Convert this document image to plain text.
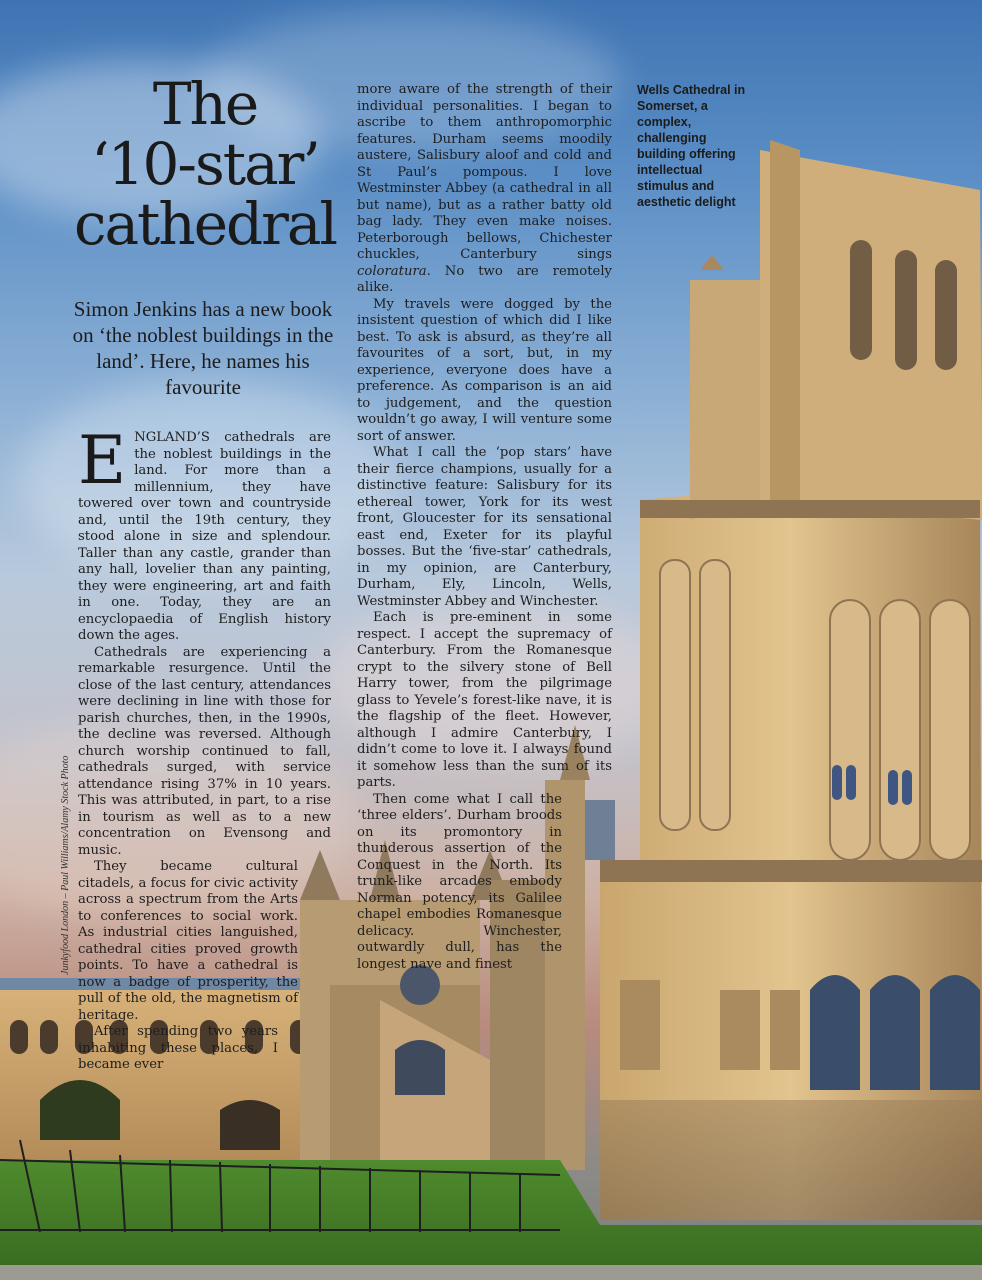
The
‘10-star’
cathedral

Simon Jenkins has a new book on ‘the noblest buildings in the land’. Here, he names his favourite

ENGLAND’S cathedrals are the noblest buildings in the land. For more than a millennium, they have towered over town and countryside and, until the 19th century, they stood alone in size and splendour. Taller than any castle, grander than any hall, lovelier than any painting, they were engineering, art and faith in one. Today, they are an encyclopaedia of English history down the ages.

Cathedrals are experiencing a remarkable resurgence. Until the close of the last century, attendances were declining in line with those for parish churches, then, in the 1990s, the decline was reversed. Although church worship continued to fall, cathedrals surged, with service attendance rising 37% in 10 years. This was attributed, in part, to a rise in tourism as well as to a new concentration on Evensong and music.

They became cultural citadels, a focus for civic activity across a spectrum from the Arts to conferences to social work. As industrial cities languished, cathedral cities proved growth points. To have a cathedral is now a badge of prosperity, the pull of the old, the magnetism of heritage.

After spending two years inhabiting these places, I became ever

more aware of the strength of their individual personalities. I began to ascribe to them anthropomorphic features. Durham seems moodily austere, Salisbury aloof and cold and St Paul’s pompous. I love Westminster Abbey (a cathedral in all but name), but as a rather batty old bag lady. They even make noises. Peterborough bellows, Chichester chuckles, Canterbury sings coloratura. No two are remotely alike.

My travels were dogged by the insistent question of which did I like best. To ask is absurd, as they’re all favourites of a sort, but, in my experience, everyone does have a preference. As comparison is an aid to judgement, and the question wouldn’t go away, I will venture some sort of answer.

What I call the ‘pop stars’ have their fierce champions, usually for a distinctive feature: Salisbury for its ethereal tower, York for its west front, Gloucester for its sensational east end, Exeter for its playful bosses. But the ‘five-star’ cathedrals, in my opinion, are Canterbury, Durham, Ely, Lincoln, Wells, Westminster Abbey and Winchester.

Each is pre-eminent in some respect. I accept the supremacy of Canterbury. From the Romanesque crypt to the silvery stone of Bell Harry tower, from the pilgrimage glass to Yevele’s forest-like nave, it is the flagship of the fleet. However, although I admire Canterbury, I didn’t come to love it. I always found it somehow less than the sum of its parts.

Then come what I call the ‘three elders’. Durham broods on its promontory in thunderous assertion of the Conquest in the North. Its trunk-like arcades embody Norman potency, its Galilee chapel embodies Romanesque delicacy. Winchester, outwardly dull, has the longest nave and finest

Wells Cathedral in Somerset, a complex, challenging building offering intellectual stimulus and aesthetic delight

Junkyfood London – Paul Williams/Alamy Stock Photo
